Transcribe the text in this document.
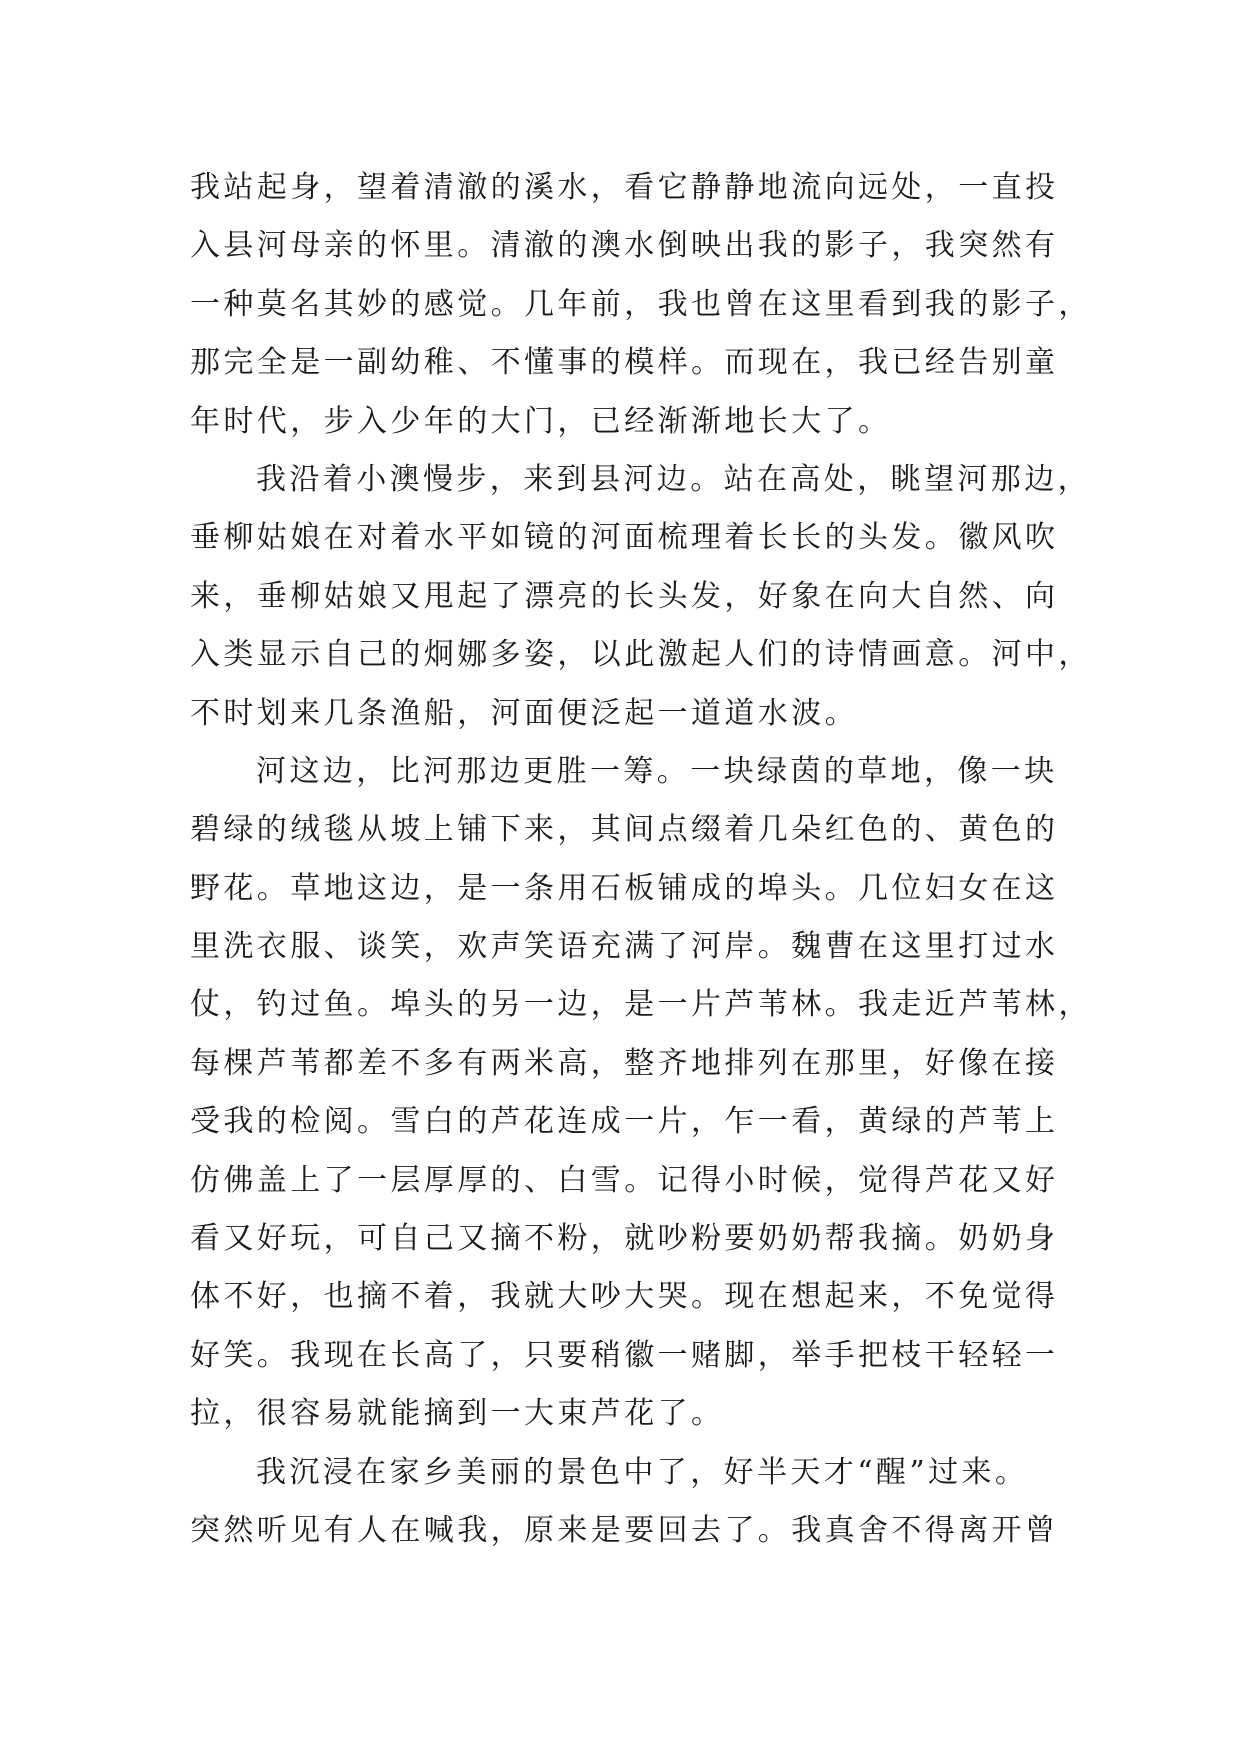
我站起身，望着清澈的溪水，看它静静地流向远处，一直投
入县河母亲的怀里。清澈的澳水倒映出我的影子，我突然有
一种莫名其妙的感觉。几年前，我也曾在这里看到我的影子，
那完全是一副幼稚、不懂事的模样。而现在，我已经告别童
年时代，步入少年的大门，已经渐渐地长大了。
我沿着小澳慢步，来到县河边。站在高处，眺望河那边，
垂柳姑娘在对着水平如镜的河面梳理着长长的头发。徽风吹
来，垂柳姑娘又甩起了漂亮的长头发，好象在向大自然、向
入类显示自己的炯娜多姿，以此激起人们的诗情画意。河中，
不时划来几条渔船，河面便泛起一道道水波。
河这边，比河那边更胜一筹。一块绿茵的草地，像一块
碧绿的绒毯从坡上铺下来，其间点缀着几朵红色的、黄色的
野花。草地这边，是一条用石板铺成的埠头。几位妇女在这
里洗衣服、谈笑，欢声笑语充满了河岸。魏曹在这里打过水
仗，钓过鱼。埠头的另一边，是一片芦苇林。我走近芦苇林，
每棵芦苇都差不多有两米高，整齐地排列在那里，好像在接
受我的检阅。雪白的芦花连成一片，乍一看，黄绿的芦苇上
仿佛盖上了一层厚厚的、白雪。记得小时候，觉得芦花又好
看又好玩，可自己又摘不粉，就吵粉要奶奶帮我摘。奶奶身
体不好，也摘不着，我就大吵大哭。现在想起来，不免觉得
好笑。我现在长高了，只要稍徽一赌脚，举手把枝干轻轻一
拉，很容易就能摘到一大束芦花了。
我沉浸在家乡美丽的景色中了，好半天才“醒”过来。
突然听见有人在喊我，原来是要回去了。我真舍不得离开曾
